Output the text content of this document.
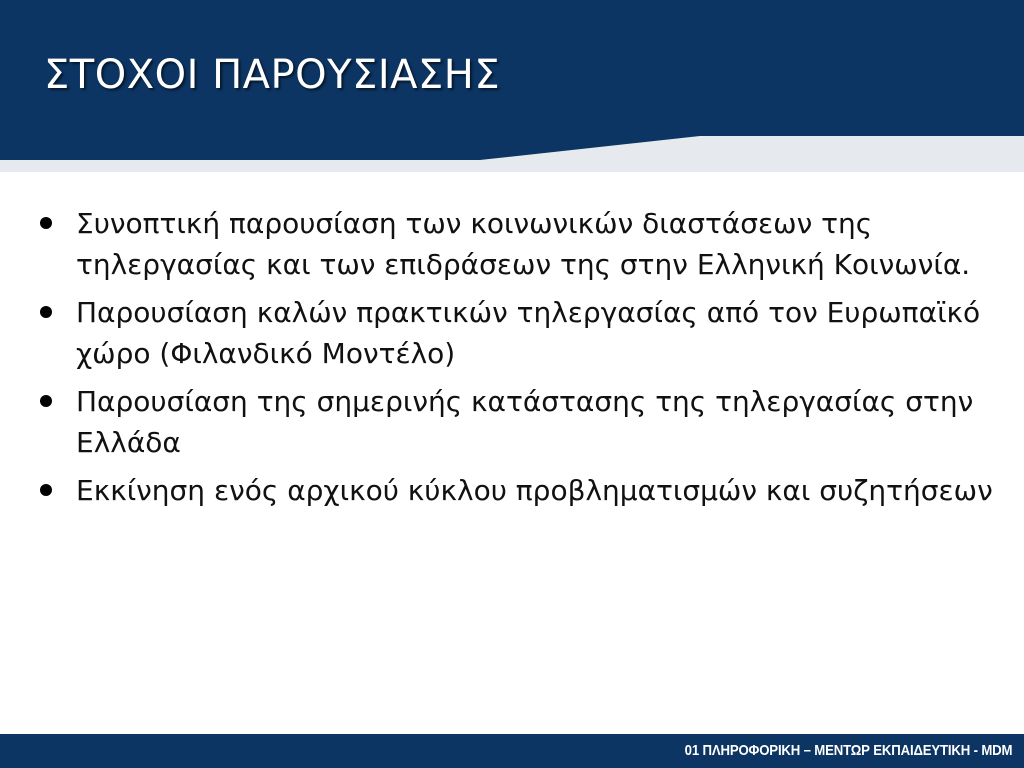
ΣΤΟΧΟΙ ΠΑΡΟΥΣΙΑΣΗΣ
Συνοπτική παρουσίαση των κοινωνικών διαστάσεων της τηλεργασίας και των επιδράσεων της στην Ελληνική Κοινωνία.
Παρουσίαση καλών πρακτικών τηλεργασίας από τον Ευρωπαϊκό χώρο (Φιλανδικό Μοντέλο)
Παρουσίαση της σημερινής κατάστασης της τηλεργασίας στην Ελλάδα
Εκκίνηση ενός αρχικού κύκλου προβληματισμών και συζητήσεων
01 ΠΛΗΡΟΦΟΡΙΚΗ – ΜΕΝΤΩΡ ΕΚΠΑΙΔΕΥΤΙΚΗ - MDM
